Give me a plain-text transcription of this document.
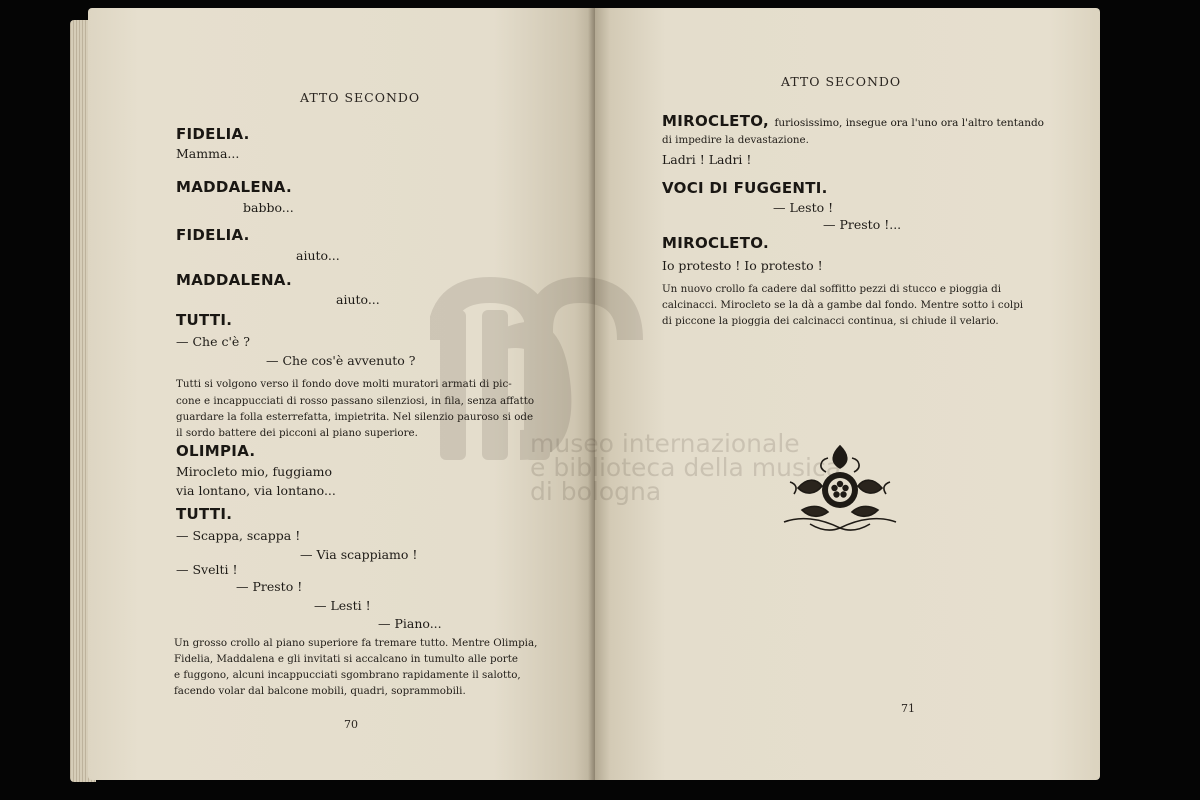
ATTO SECONDO
FIDELIA.
Mamma...
MADDALENA.
babbo...
FIDELIA.
aiuto...
MADDALENA.
aiuto...
TUTTI.
— Che c'è ?
— Che cos'è avvenuto ?
Tutti si volgono verso il fondo dove molti muratori armati di pic-
cone e incappucciati di rosso passano silenziosi, in fila, senza affatto
guardare la folla esterrefatta, impietrita. Nel silenzio pauroso si ode
il sordo battere dei picconi al piano superiore.
OLIMPIA.
Mirocleto mio, fuggiamo
via lontano, via lontano...
TUTTI.
— Scappa, scappa !
— Via scappiamo !
— Svelti !
— Presto !
— Lesti !
— Piano...
Un grosso crollo al piano superiore fa tremare tutto. Mentre Olimpia,
Fidelia, Maddalena e gli invitati si accalcano in tumulto alle porte
e fuggono, alcuni incappucciati sgombrano rapidamente il salotto,
facendo volar dal balcone mobili, quadri, soprammobili.
70
ATTO SECONDO
MIROCLETO, furiosissimo, insegue ora l'uno ora l'altro tentando
di impedire la devastazione.
Ladri ! Ladri !
VOCI DI FUGGENTI.
— Lesto !
— Presto !...
MIROCLETO.
Io protesto ! Io protesto !
Un nuovo crollo fa cadere dal soffitto pezzi di stucco e pioggia di
calcinacci. Mirocleto se la dà a gambe dal fondo. Mentre sotto i colpi
di piccone la pioggia dei calcinacci continua, si chiude il velario.
71
